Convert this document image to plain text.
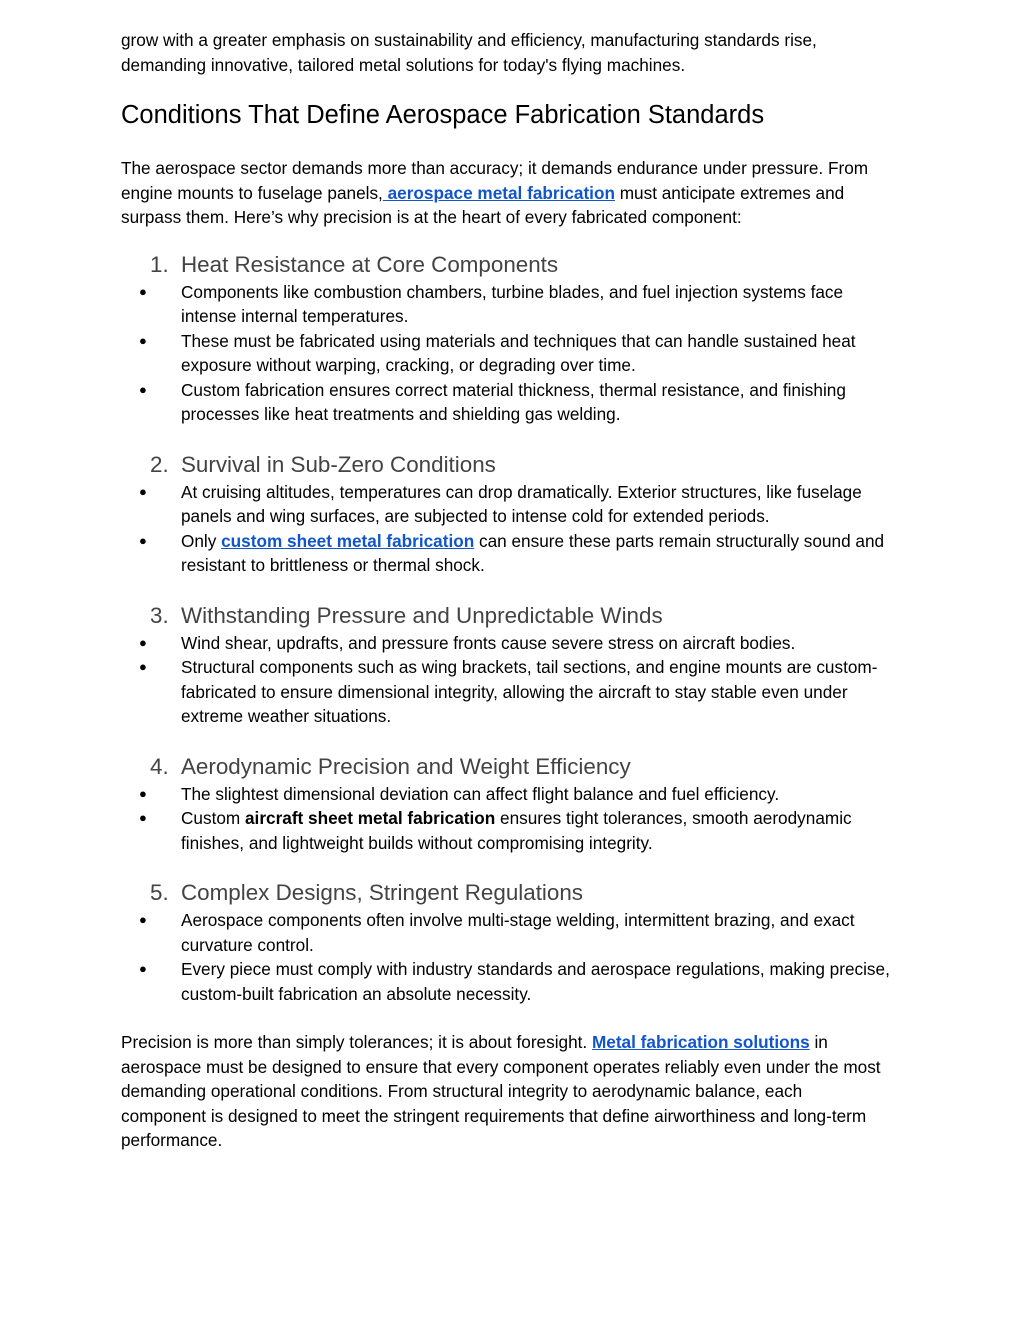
grow with a greater emphasis on sustainability and efficiency, manufacturing standards rise, demanding innovative, tailored metal solutions for today's flying machines.

Conditions That Define Aerospace Fabrication Standards

The aerospace sector demands more than accuracy; it demands endurance under pressure. From engine mounts to fuselage panels, aerospace metal fabrication must anticipate extremes and surpass them. Here’s why precision is at the heart of every fabricated component:

1. Heat Resistance at Core Components
● Components like combustion chambers, turbine blades, and fuel injection systems face intense internal temperatures.
● These must be fabricated using materials and techniques that can handle sustained heat exposure without warping, cracking, or degrading over time.
● Custom fabrication ensures correct material thickness, thermal resistance, and finishing processes like heat treatments and shielding gas welding.
2. Survival in Sub-Zero Conditions
● At cruising altitudes, temperatures can drop dramatically. Exterior structures, like fuselage panels and wing surfaces, are subjected to intense cold for extended periods.
● Only custom sheet metal fabrication can ensure these parts remain structurally sound and resistant to brittleness or thermal shock.
3. Withstanding Pressure and Unpredictable Winds
● Wind shear, updrafts, and pressure fronts cause severe stress on aircraft bodies.
● Structural components such as wing brackets, tail sections, and engine mounts are custom-fabricated to ensure dimensional integrity, allowing the aircraft to stay stable even under extreme weather situations.
4. Aerodynamic Precision and Weight Efficiency
● The slightest dimensional deviation can affect flight balance and fuel efficiency.
● Custom aircraft sheet metal fabrication ensures tight tolerances, smooth aerodynamic finishes, and lightweight builds without compromising integrity.
5. Complex Designs, Stringent Regulations
● Aerospace components often involve multi-stage welding, intermittent brazing, and exact curvature control.
● Every piece must comply with industry standards and aerospace regulations, making precise, custom-built fabrication an absolute necessity.

Precision is more than simply tolerances; it is about foresight. Metal fabrication solutions in aerospace must be designed to ensure that every component operates reliably even under the most demanding operational conditions. From structural integrity to aerodynamic balance, each component is designed to meet the stringent requirements that define airworthiness and long-term performance.
